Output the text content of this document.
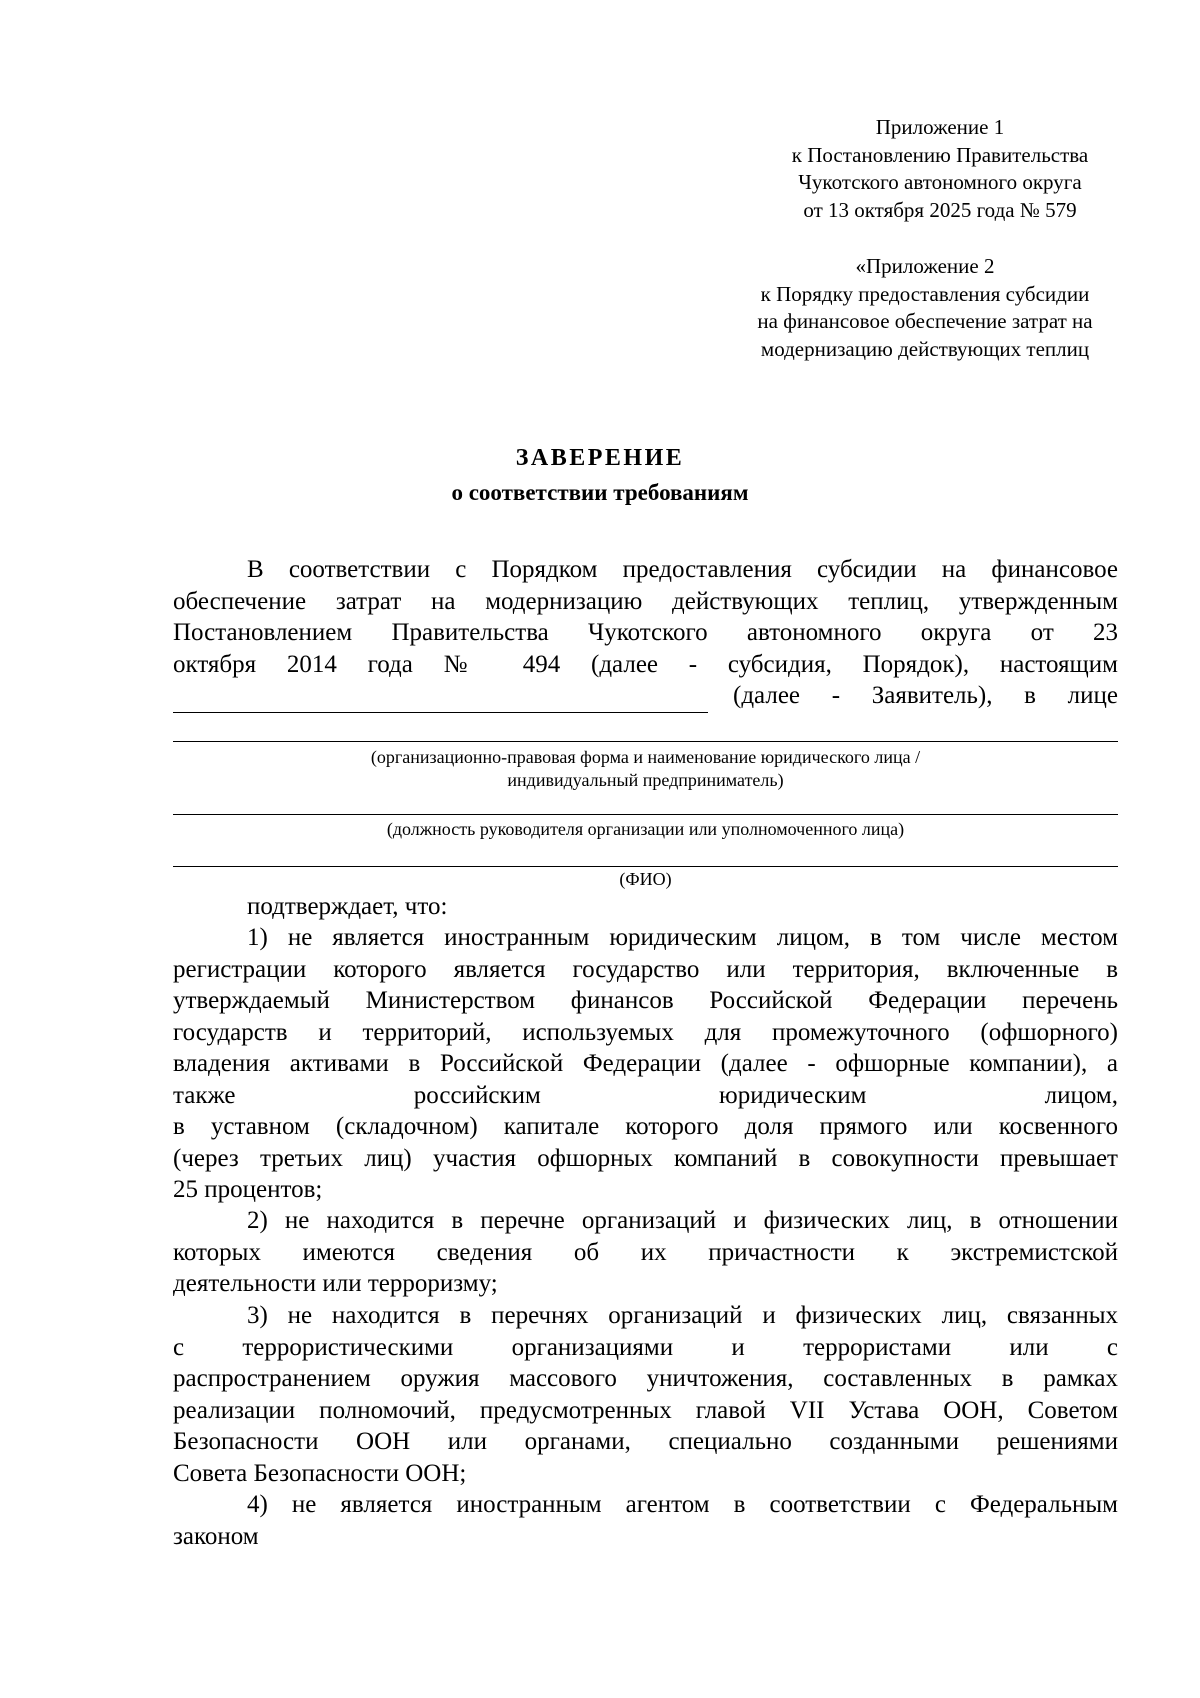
Приложение 1
к Постановлению Правительства
Чукотского автономного округа
от 13 октября 2025 года № 579
«Приложение 2
к Порядку предоставления субсидии
на финансовое обеспечение затрат на
модернизацию действующих теплиц
ЗАВЕРЕНИЕ
о соответствии требованиям
В соответствии с Порядком предоставления субсидии на финансовое
обеспечение затрат на модернизацию действующих теплиц, утвержденным
Постановлением Правительства Чукотского автономного округа от 23
октября 2014 года № 494 (далее - субсидия, Порядок), настоящим
(далее - Заявитель), в лице
(организационно-правовая форма и наименование юридического лица /
индивидуальный предприниматель)
(должность руководителя организации или уполномоченного лица)
(ФИО)
подтверждает, что:
1) не является иностранным юридическим лицом, в том числе местом
регистрации которого является государство или территория, включенные в
утверждаемый Министерством финансов Российской Федерации перечень
государств и территорий, используемых для промежуточного (офшорного)
владения активами в Российской Федерации (далее - офшорные компании), а
также российским юридическим лицом,
в уставном (складочном) капитале которого доля прямого или косвенного
(через третьих лиц) участия офшорных компаний в совокупности превышает
25 процентов;
2) не находится в перечне организаций и физических лиц, в отношении
которых имеются сведения об их причастности к экстремистской
деятельности или терроризму;
3) не находится в перечнях организаций и физических лиц, связанных
с террористическими организациями и террористами или с
распространением оружия массового уничтожения, составленных в рамках
реализации полномочий, предусмотренных главой VII Устава ООН, Советом
Безопасности ООН или органами, специально созданными решениями
Совета Безопасности ООН;
4) не является иностранным агентом в соответствии с Федеральным
законом
